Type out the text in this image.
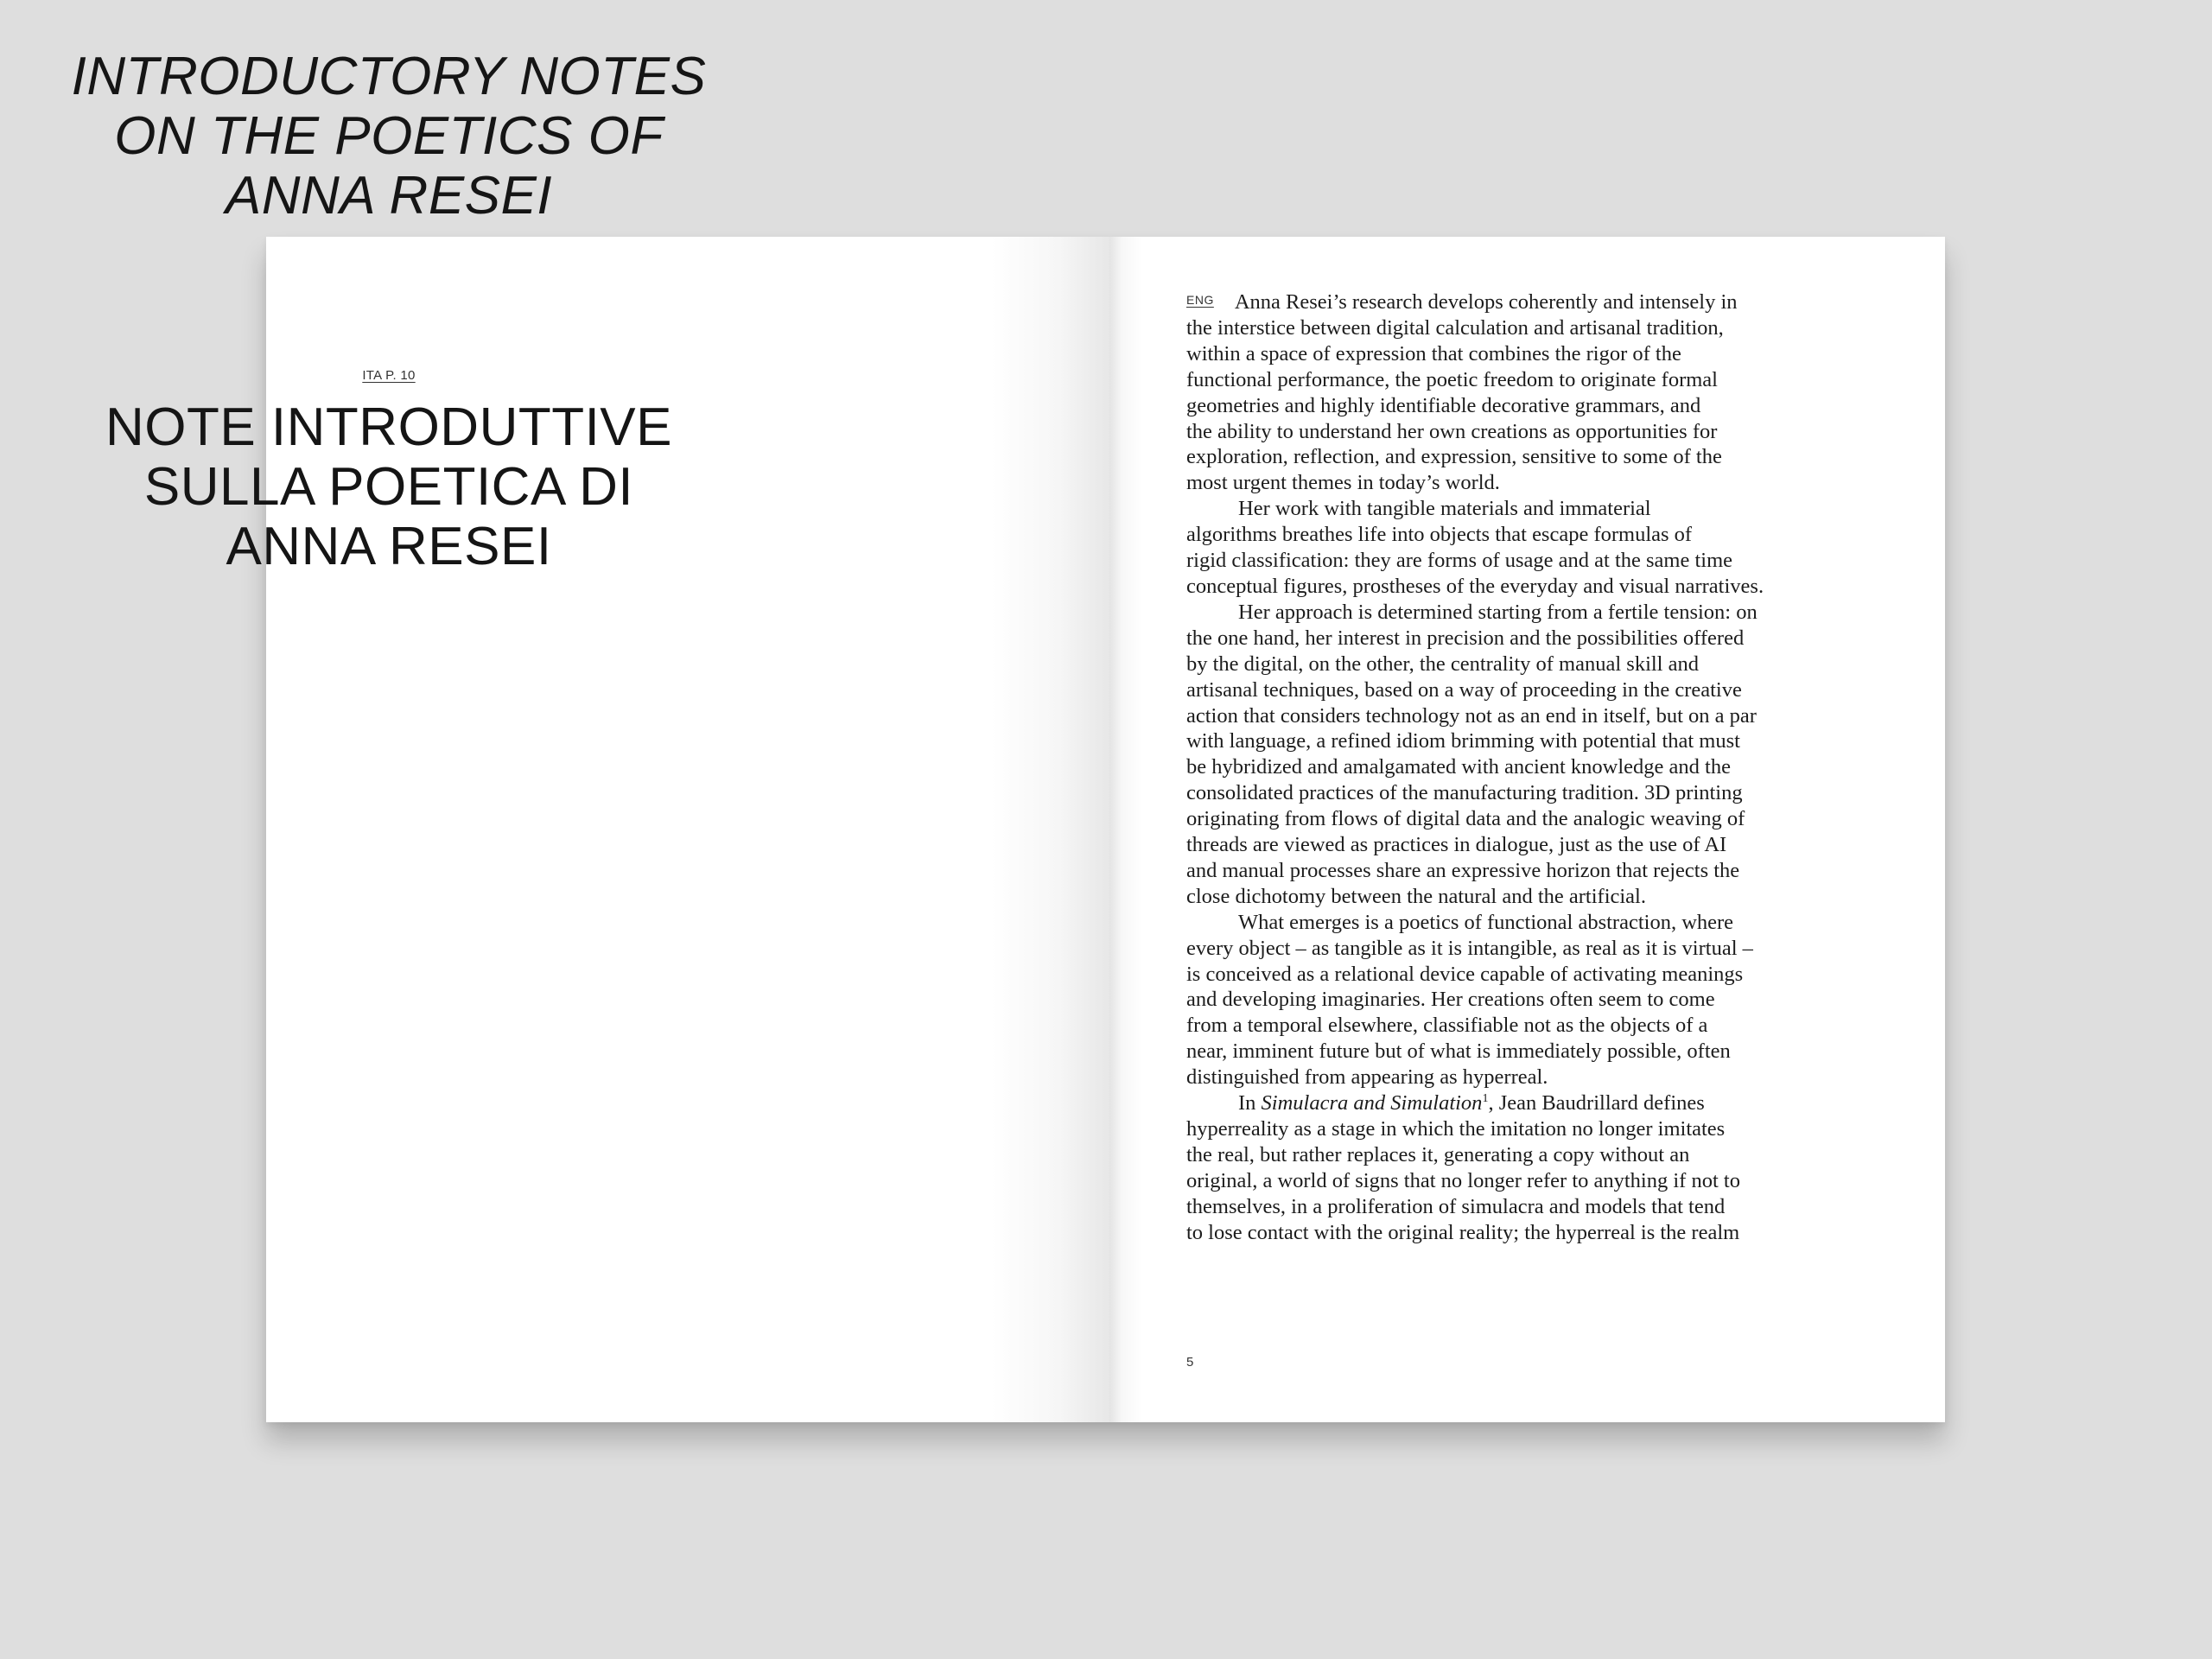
INTRODUCTORY NOTES
ON THE POETICS OF
ANNA RESEI
ITA P. 10
NOTE INTRODUTTIVE
SULLA POETICA DI
ANNA RESEI

ENG Anna Resei’s research develops coherently and intensely in
the interstice between digital calculation and artisanal tradition,
within a space of expression that combines the rigor of the
functional performance, the poetic freedom to originate formal
geometries and highly identifiable decorative grammars, and
the ability to understand her own creations as opportunities for
exploration, reflection, and expression, sensitive to some of the
most urgent themes in today’s world.

Her work with tangible materials and immaterial
algorithms breathes life into objects that escape formulas of
rigid classification: they are forms of usage and at the same time
conceptual figures, prostheses of the everyday and visual narratives.

Her approach is determined starting from a fertile tension: on
the one hand, her interest in precision and the possibilities offered
by the digital, on the other, the centrality of manual skill and
artisanal techniques, based on a way of proceeding in the creative
action that considers technology not as an end in itself, but on a par
with language, a refined idiom brimming with potential that must
be hybridized and amalgamated with ancient knowledge and the
consolidated practices of the manufacturing tradition. 3D printing
originating from flows of digital data and the analogic weaving of
threads are viewed as practices in dialogue, just as the use of AI
and manual processes share an expressive horizon that rejects the
close dichotomy between the natural and the artificial.

What emerges is a poetics of functional abstraction, where
every object – as tangible as it is intangible, as real as it is virtual –
is conceived as a relational device capable of activating meanings
and developing imaginaries. Her creations often seem to come
from a temporal elsewhere, classifiable not as the objects of a
near, imminent future but of what is immediately possible, often
distinguished from appearing as hyperreal.

In Simulacra and Simulation$^1$, Jean Baudrillard defines
hyperreality as a stage in which the imitation no longer imitates
the real, but rather replaces it, generating a copy without an
original, a world of signs that no longer refer to anything if not to
themselves, in a proliferation of simulacra and models that tend
to lose contact with the original reality; the hyperreal is the realm

5
